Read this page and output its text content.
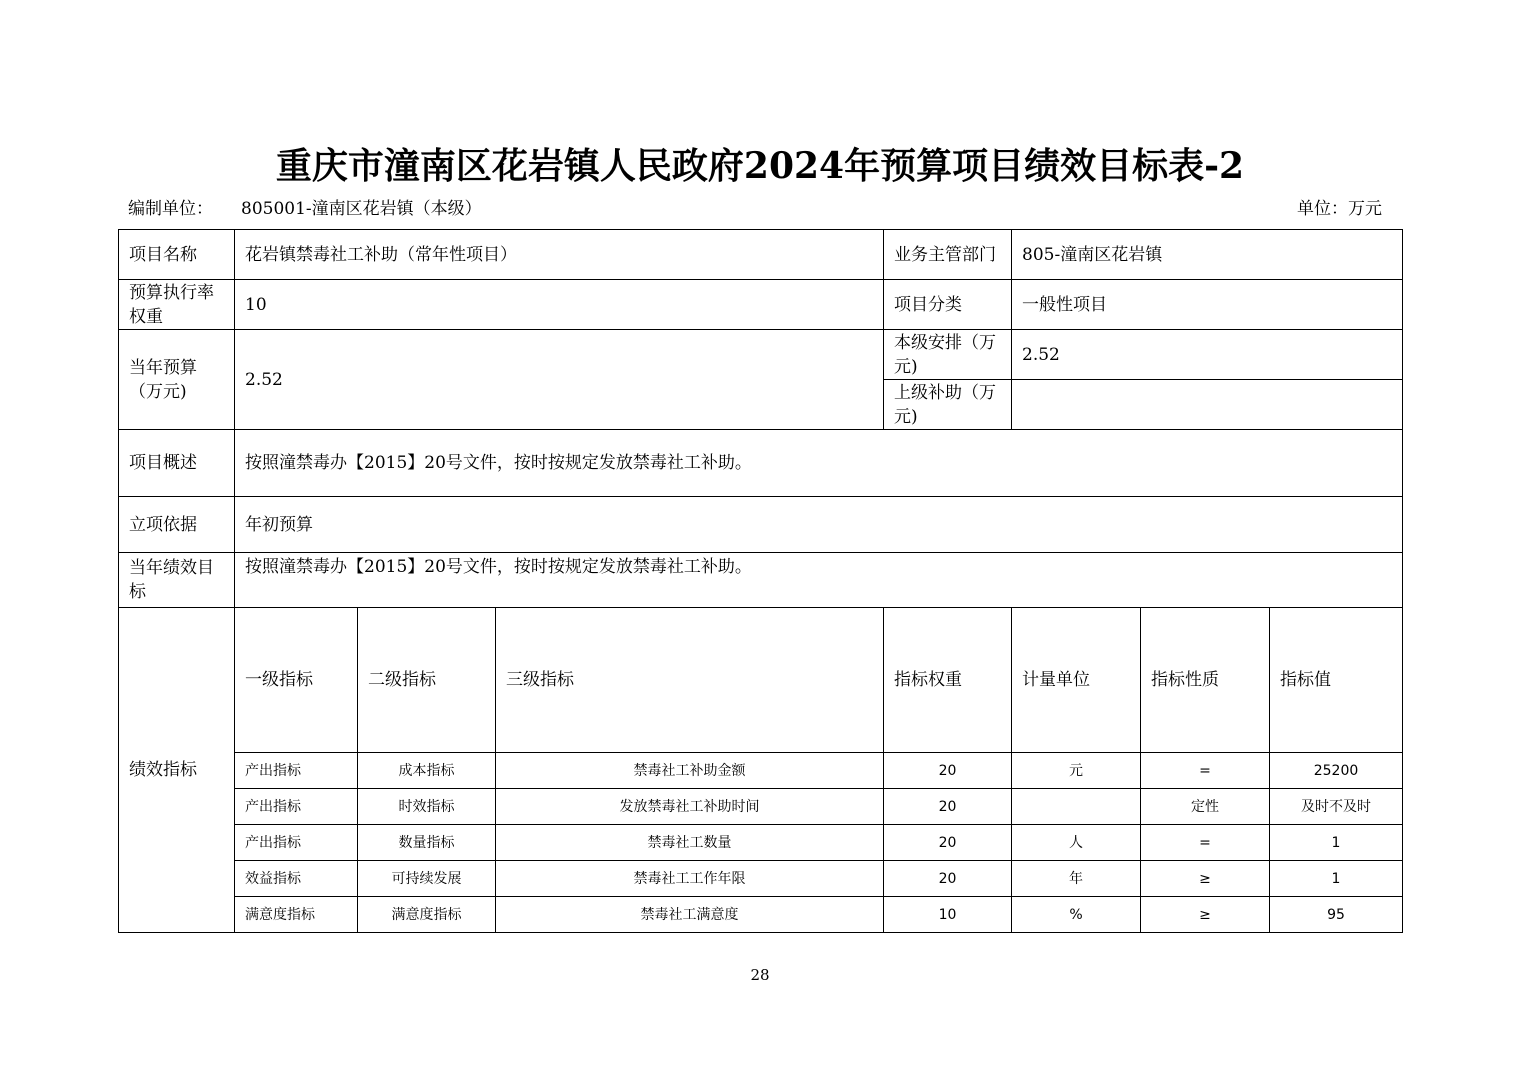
重庆市潼南区花岩镇人民政府2024年预算项目绩效目标表-2
编制单位： 805001-潼南区花岩镇（本级）	单位：万元
项目名称	花岩镇禁毒社工补助（常年性项目）			业务主管部门	805-潼南区花岩镇			
预算执行率权重	10			项目分类	一般性项目			
当年预算（万元)	2.52			本级安排（万元)	2.52			
				上级补助（万元)				
项目概述	按照潼禁毒办【2015】20号文件，按时按规定发放禁毒社工补助。							
立项依据	年初预算							
当年绩效目标	按照潼禁毒办【2015】20号文件，按时按规定发放禁毒社工补助。							
绩效指标	一级指标	二级指标	三级指标	指标权重	计量单位	指标性质	指标值	
	产出指标	成本指标	禁毒社工补助金额	20	元	=	25200	
	产出指标	时效指标	发放禁毒社工补助时间	20		定性	及时不及时	
	产出指标	数量指标	禁毒社工数量	20	人	=	1	
	效益指标	可持续发展	禁毒社工工作年限	20	年	≥	1	
	满意度指标	满意度指标	禁毒社工满意度	10	%	≥	95	
28
